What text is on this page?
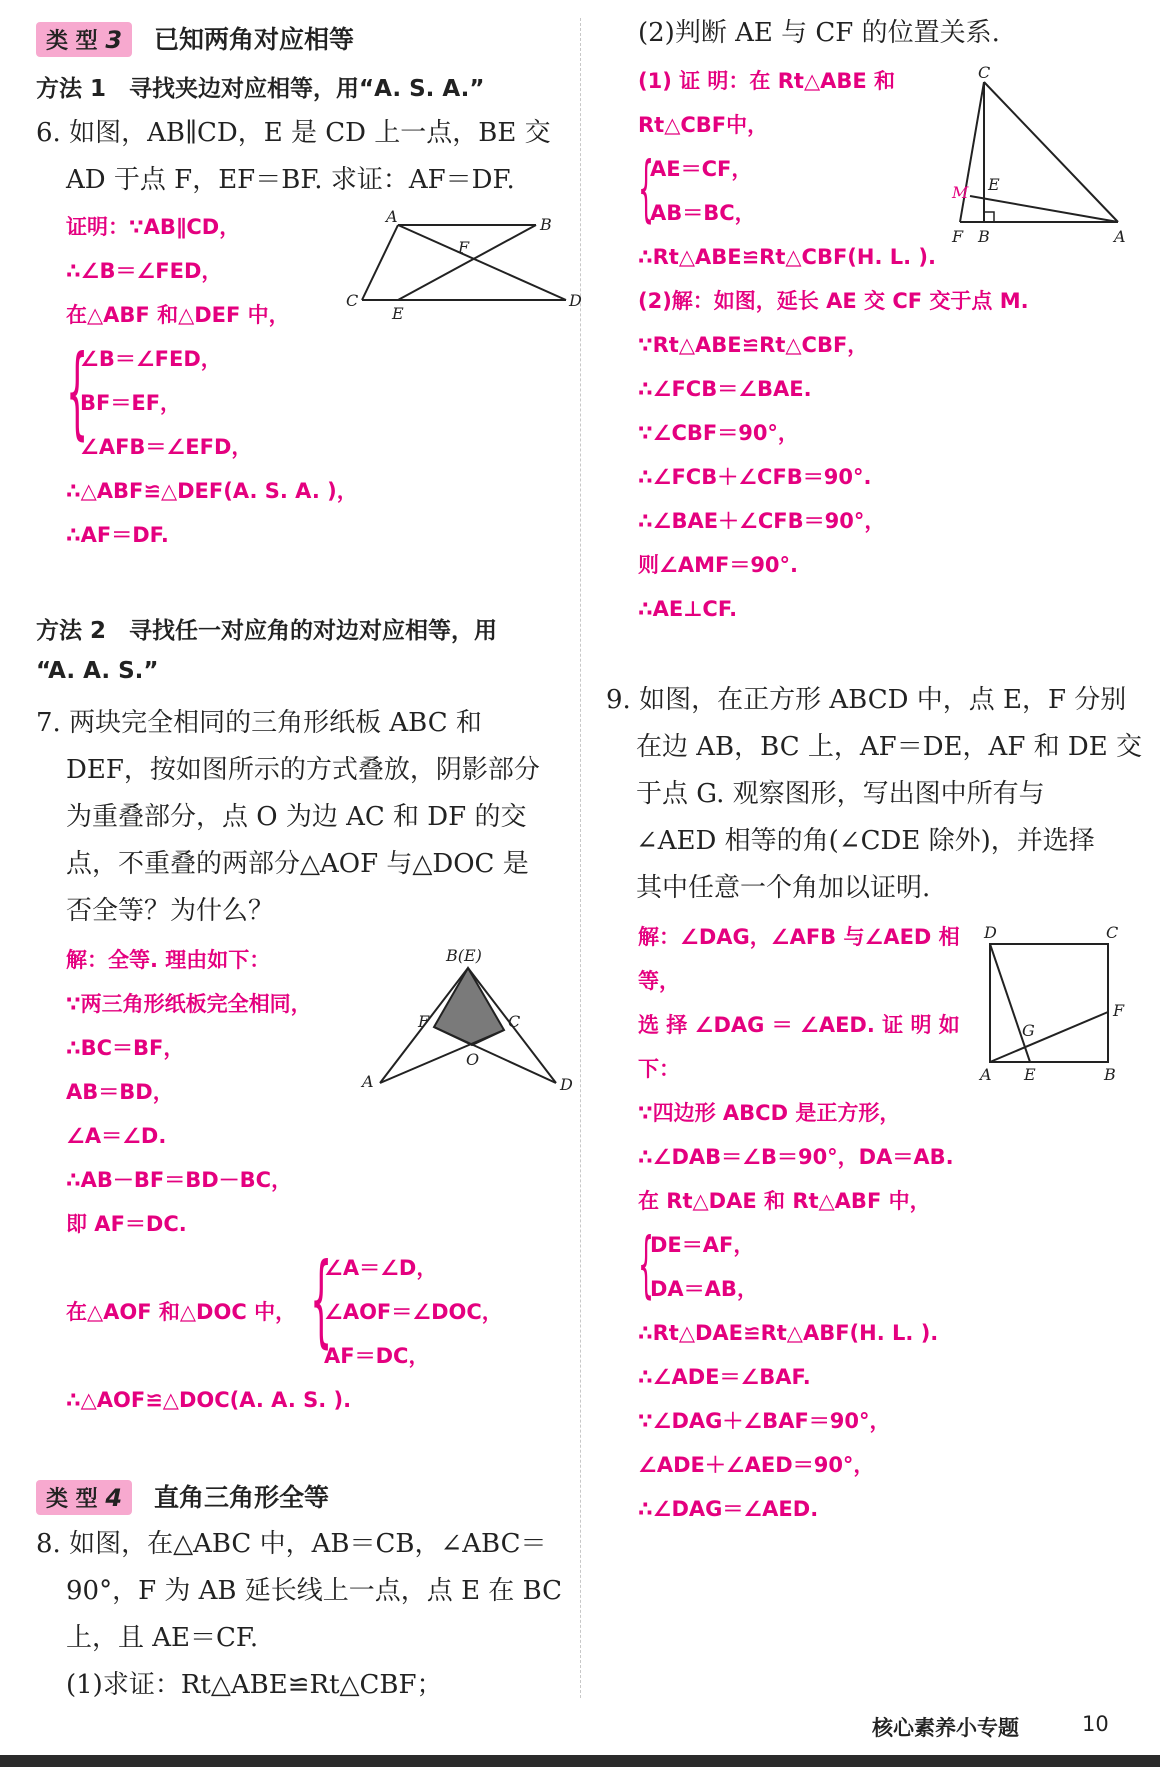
类 型 3 已知两角对应相等
方法 1　寻找夹边对应相等，用“A. S. A.”
6. 如图，AB∥CD，E 是 CD 上一点，BE 交
AD 于点 F，EF＝BF. 求证：AF＝DF.
证明：∵AB∥CD，
∴∠B＝∠FED，
在△ABF 和△DEF 中，
{
∠B＝∠FED，
BF＝EF，
∠AFB＝∠EFD，
∴△ABF≌△DEF(A. S. A. )，
∴AF＝DF.
A	B
C	D
E
F
方法 2　寻找任一对应角的对边对应相等，用
“A. A. S.”
7. 两块完全相同的三角形纸板 ABC 和
DEF，按如图所示的方式叠放，阴影部分
为重叠部分，点 O 为边 AC 和 DF 的交
点，不重叠的两部分△AOF 与△DOC 是
否全等？为什么？
解：全等. 理由如下：
∵两三角形纸板完全相同，
∴BC＝BF，
AB＝BD，
∠A＝∠D.
∴AB－BF＝BD－BC，
即 AF＝DC.
在△AOF 和△DOC 中， {
∠A＝∠D，
∠AOF＝∠DOC，
AF＝DC，
∴△AOF≌△DOC(A. A. S. ).
B(E)
F	C
O
A	D
类 型 4 直角三角形全等
8. 如图，在△ABC 中，AB＝CB，∠ABC＝
90°，F 为 AB 延长线上一点，点 E 在 BC
上，且 AE＝CF.
(1)求证：Rt△ABE≌Rt△CBF；
(2)判断 AE 与 CF 的位置关系.
(1) 证 明：在 Rt△ABE 和
Rt△CBF中，
{
AE＝CF，
AB＝BC，
∴Rt△ABE≌Rt△CBF(H. L. ).
(2)解：如图，延长 AE 交 CF 交于点 M.
∵Rt△ABE≌Rt△CBF，
∴∠FCB＝∠BAE.
∵∠CBF＝90°，
∴∠FCB＋∠CFB＝90°.
∴∠BAE＋∠CFB＝90°，
则∠AMF＝90°.
∴AE⊥CF.
C
M E
F B	A
9. 如图，在正方形 ABCD 中，点 E，F 分别
在边 AB，BC 上，AF＝DE，AF 和 DE 交
于点 G. 观察图形，写出图中所有与
∠AED 相等的角(∠CDE 除外)，并选择
其中任意一个角加以证明.
解：∠DAG，∠AFB 与∠AED 相
等，
选 择 ∠DAG ＝ ∠AED. 证 明 如
下：
∵四边形 ABCD 是正方形，
∴∠DAB＝∠B＝90°，DA＝AB.
在 Rt△DAE 和 Rt△ABF 中，
{
DE＝AF，
DA＝AB，
∴Rt△DAE≌Rt△ABF(H. L. ).
∴∠ADE＝∠BAF.
∵∠DAG＋∠BAF＝90°，
∠ADE＋∠AED＝90°，
∴∠DAG＝∠AED.
D	C
F
G
A E	B
核心素养小专题	10
